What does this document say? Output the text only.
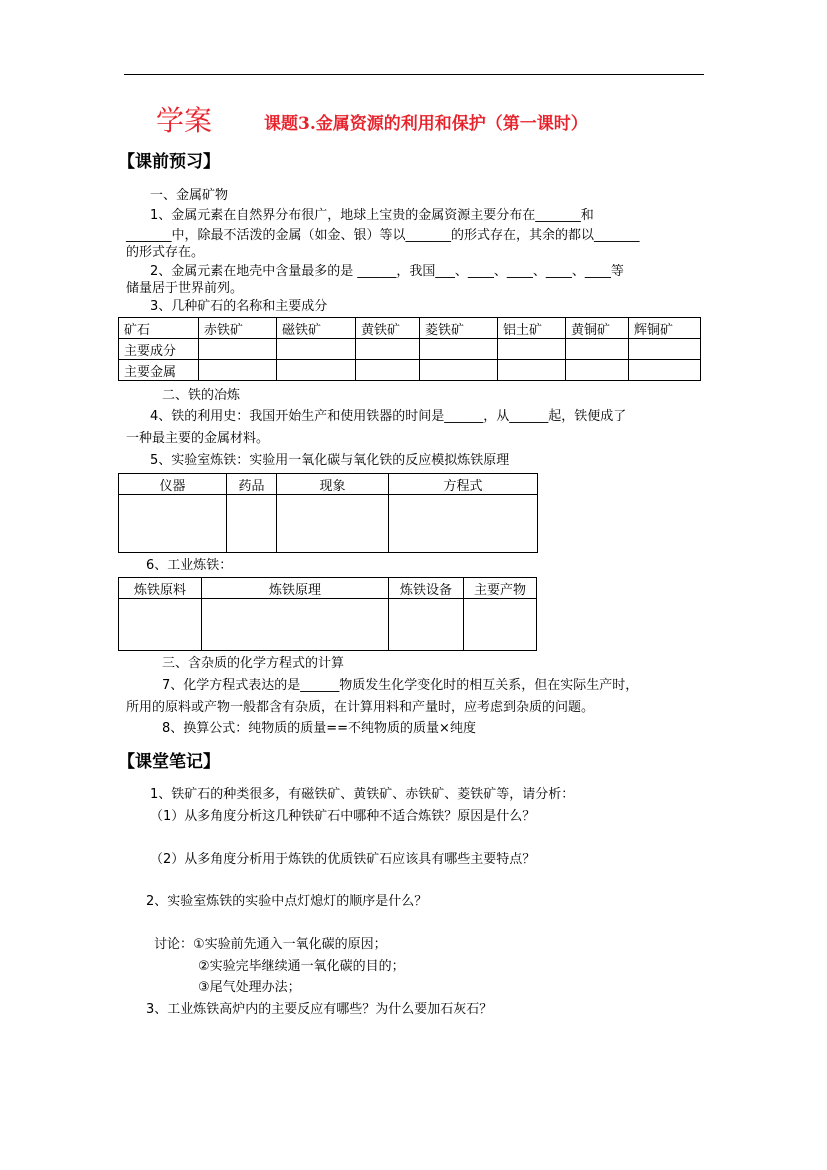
学案	课题3.金属资源的利用和保护（第一课时）
【课前预习】
一、金属矿物
1、金属元素在自然界分布很广，地球上宝贵的金属资源主要分布在_______和
_______中，除最不活泼的金属（如金、银）等以_______的形式存在，其余的都以_______
的形式存在。
2、金属元素在地壳中含量最多的是 ______，我国___、____、____、____、____等
储量居于世界前列。
3、几种矿石的名称和主要成分
矿石	赤铁矿	磁铁矿	黄铁矿	菱铁矿	铝土矿	黄铜矿	辉铜矿
主要成分							
主要金属							
二、铁的冶炼
4、铁的利用史：我国开始生产和使用铁器的时间是______，从______起，铁便成了
一种最主要的金属材料。
5、实验室炼铁：实验用一氧化碳与氧化铁的反应模拟炼铁原理
仪器	药品	现象	方程式

6、工业炼铁：
炼铁原料	炼铁原理	炼铁设备	主要产物

三、含杂质的化学方程式的计算
7、化学方程式表达的是______物质发生化学变化时的相互关系，但在实际生产时，
所用的原料或产物一般都含有杂质，在计算用料和产量时，应考虑到杂质的问题。
8、换算公式：纯物质的质量==不纯物质的质量×纯度
【课堂笔记】
1、铁矿石的种类很多，有磁铁矿、黄铁矿、赤铁矿、菱铁矿等，请分析：
（1）从多角度分析这几种铁矿石中哪种不适合炼铁？原因是什么？
（2）从多角度分析用于炼铁的优质铁矿石应该具有哪些主要特点？
2、实验室炼铁的实验中点灯熄灯的顺序是什么？
讨论：①实验前先通入一氧化碳的原因；
②实验完毕继续通一氧化碳的目的；
③尾气处理办法；
3、工业炼铁高炉内的主要反应有哪些？为什么要加石灰石？
